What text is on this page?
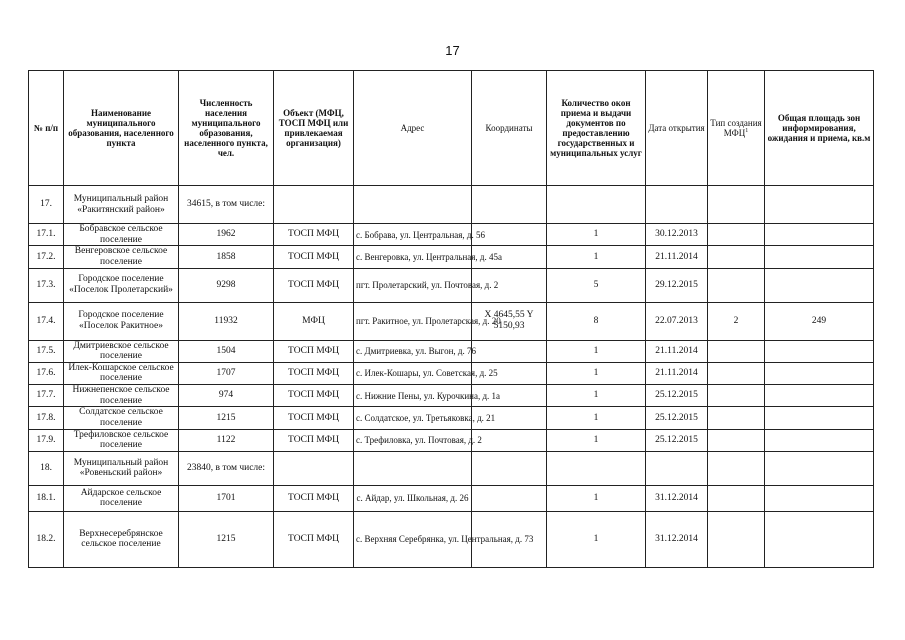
17
№ п/п	Наименование муниципального образования, населенного пункта	Численность населения муниципального образования, населенного пункта, чел.	Объект (МФЦ, ТОСП МФЦ или привлекаемая организация)	Адрес	Координаты	Количество окон приема и выдачи документов по предоставлению государственных и муниципальных услуг	Дата открытия	Тип создания МФЦ$^1$	Общая площадь зон информирования, ожидания и приема, кв.м
17.	Муниципальный район «Ракитянский район»	34615, в том числе:							
17.1.	Бобравское сельское поселение	1962	ТОСП МФЦ	с. Бобрава, ул. Центральная, д. 56		1	30.12.2013		
17.2.	Венгеровское сельское поселение	1858	ТОСП МФЦ	с. Венгеровка, ул. Центральная, д. 45а		1	21.11.2014		
17.3.	Городское поселение «Поселок Пролетарский»	9298	ТОСП МФЦ	пгт. Пролетарский, ул. Почтовая, д. 2		5	29.12.2015		
17.4.	Городское поселение «Поселок Ракитное»	11932	МФЦ	пгт. Ракитное, ул. Пролетарская, д. 20	X 4645,55 Y 5150,93	8	22.07.2013	2	249
17.5.	Дмитриевское сельское поселение	1504	ТОСП МФЦ	с. Дмитриевка, ул. Выгон, д. 76		1	21.11.2014		
17.6.	Илек-Кошарское сельское поселение	1707	ТОСП МФЦ	с. Илек-Кошары, ул. Советская, д. 25		1	21.11.2014		
17.7.	Нижнепенское сельское поселение	974	ТОСП МФЦ	с. Нижние Пены, ул. Курочкина, д. 1а		1	25.12.2015		
17.8.	Солдатское сельское поселение	1215	ТОСП МФЦ	с. Солдатское, ул. Третьяковка, д. 21		1	25.12.2015		
17.9.	Трефиловское сельское поселение	1122	ТОСП МФЦ	с. Трефиловка, ул. Почтовая, д. 2		1	25.12.2015		
18.	Муниципальный район «Ровеньский район»	23840, в том числе:							
18.1.	Айдарское сельское поселение	1701	ТОСП МФЦ	с. Айдар, ул. Школьная, д. 26		1	31.12.2014		
18.2.	Верхнесеребрянское сельское поселение	1215	ТОСП МФЦ	с. Верхняя Серебрянка, ул. Центральная, д. 73		1	31.12.2014		
